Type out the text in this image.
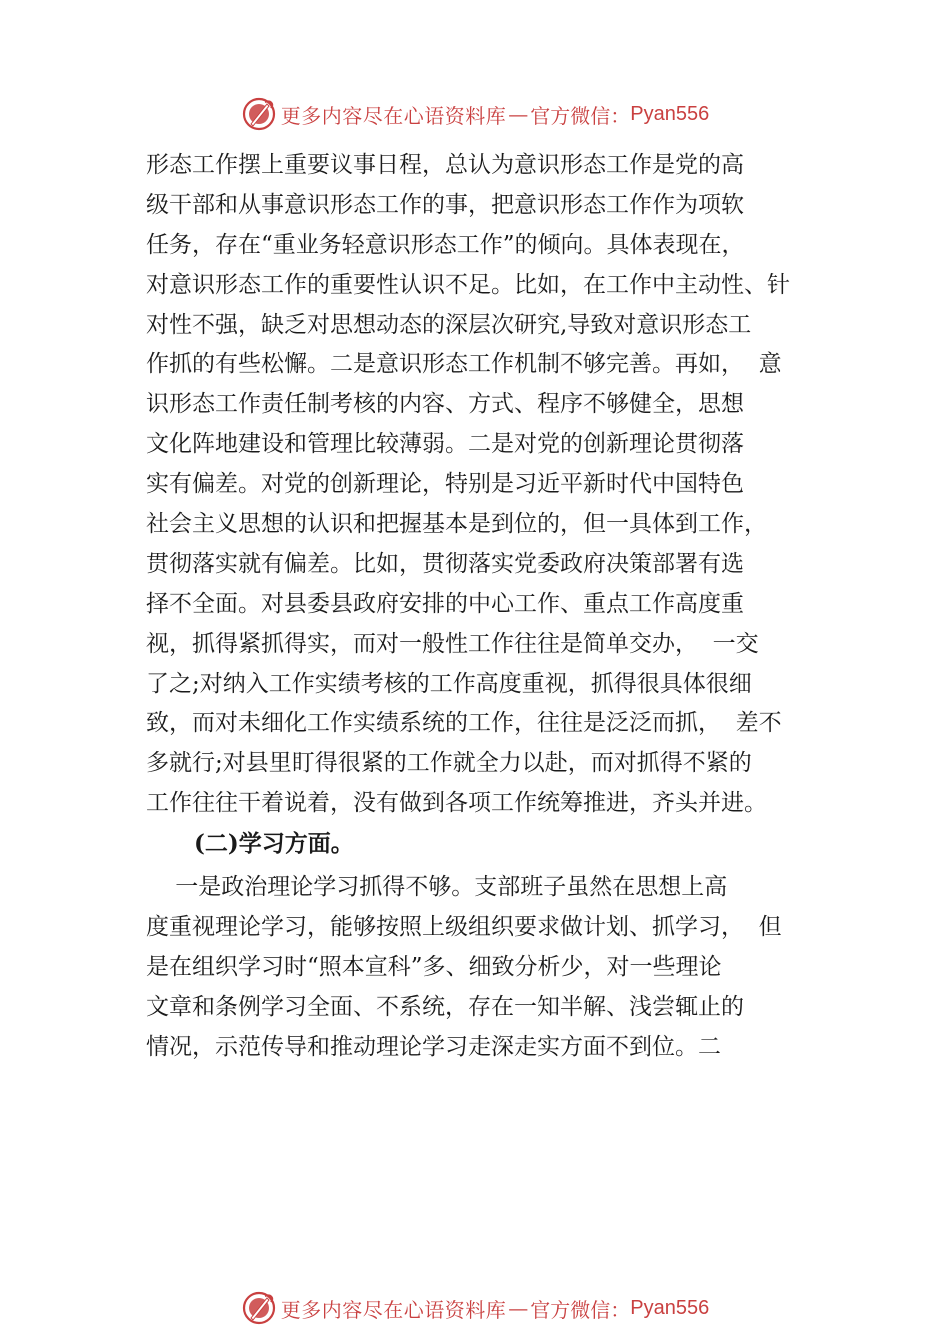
更多内容尽在心语资料库 — 官方微信： Pyan556
形态工作摆上重要议事日程，总认为意识形态工作是党的高
级干部和从事意识形态工作的事，把意识形态工作作为项软
任务，存在“重业务轻意识形态工作”的倾向。具体表现在，
对意识形态工作的重要性认识不足。比如，在工作中主动性、针
对性不强，缺乏对思想动态的深层次研究,导致对意识形态工
作抓的有些松懈。二是意识形态工作机制不够完善。再如，  意
识形态工作责任制考核的内容、方式、程序不够健全，思想
文化阵地建设和管理比较薄弱。二是对党的创新理论贯彻落
实有偏差。对党的创新理论，特别是习近平新时代中国特色
社会主义思想的认识和把握基本是到位的，但一具体到工作，
贯彻落实就有偏差。比如，贯彻落实党委政府决策部署有选
择不全面。对县委县政府安排的中心工作、重点工作高度重
视，抓得紧抓得实，而对一般性工作往往是简单交办，  一交
了之;对纳入工作实绩考核的工作高度重视，抓得很具体很细
致，而对未细化工作实绩系统的工作，往往是泛泛而抓，  差不
多就行;对县里盯得很紧的工作就全力以赴，而对抓得不紧的
工作往往干着说着，没有做到各项工作统筹推进，齐头并进。
(二)学习方面。
一是政治理论学习抓得不够。支部班子虽然在思想上高
度重视理论学习，能够按照上级组织要求做计划、抓学习，  但
是在组织学习时“照本宣科”多、细致分析少，对一些理论
文章和条例学习全面、不系统，存在一知半解、浅尝辄止的
情况，示范传导和推动理论学习走深走实方面不到位。二
更多内容尽在心语资料库 — 官方微信： Pyan556
